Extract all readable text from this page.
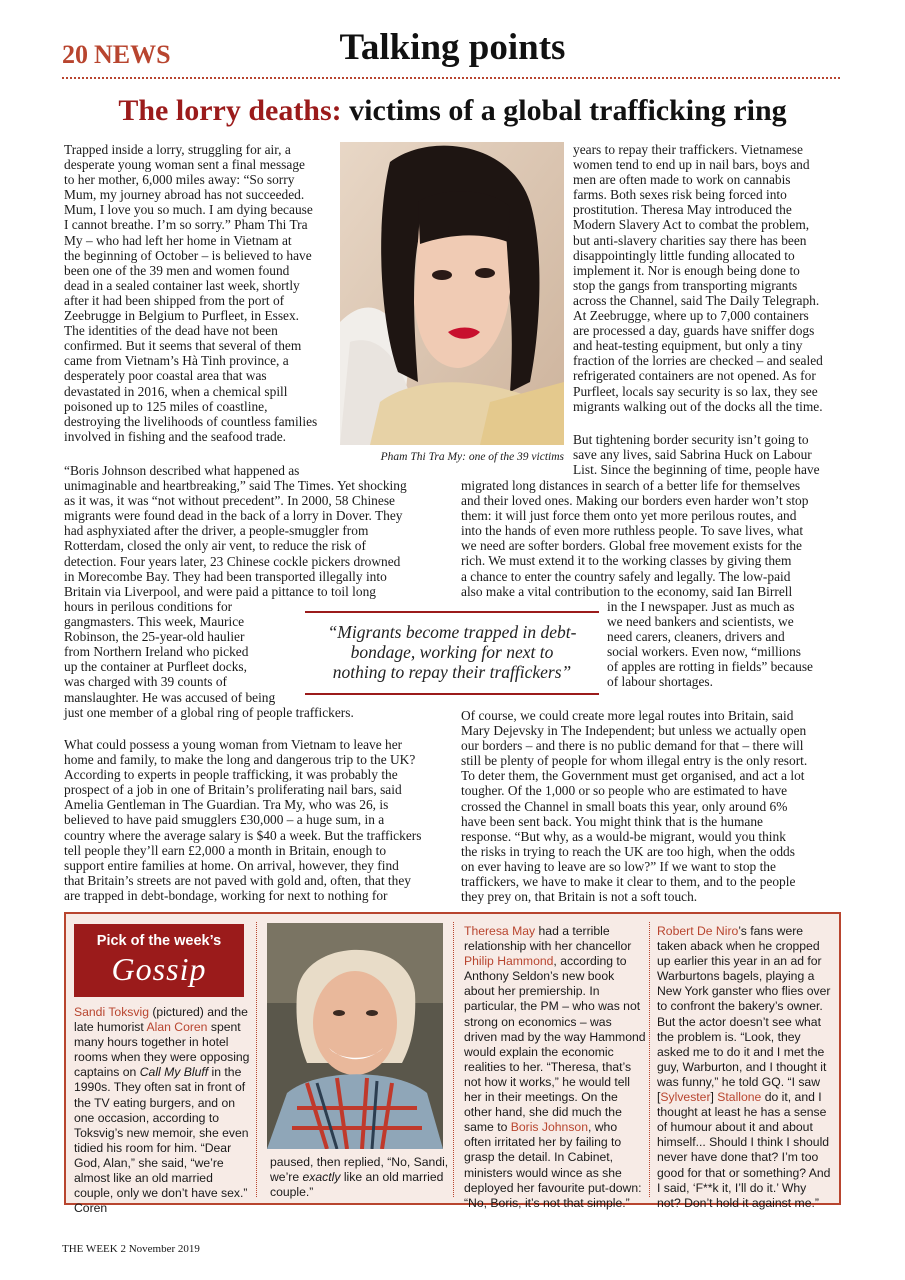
20 NEWS	Talking points
The lorry deaths: victims of a global trafficking ring

Trapped inside a lorry, struggling for air, a

desperate young woman sent a final message

to her mother, 6,000 miles away: “So sorry

Mum, my journey abroad has not succeeded.

Mum, I love you so much. I am dying because

I cannot breathe. I’m so sorry.” Pham Thi Tra

My – who had left her home in Vietnam at

the beginning of October – is believed to have

been one of the 39 men and women found

dead in a sealed container last week, shortly

after it had been shipped from the port of

Zeebrugge in Belgium to Purfleet, in Essex.

The identities of the dead have not been

confirmed. But it seems that several of them

came from Vietnam’s Hà Tinh province, a

desperately poor coastal area that was

devastated in 2016, when a chemical spill

poisoned up to 125 miles of coastline,

destroying the livelihoods of countless families

involved in fishing and the seafood trade.

Pham Thi Tra My: one of the 39 victims

“Boris Johnson described what happened as

unimaginable and heartbreaking,” said The Times. Yet shocking

as it was, it was “not without precedent”. In 2000, 58 Chinese

migrants were found dead in the back of a lorry in Dover. They

had asphyxiated after the driver, a people-smuggler from

Rotterdam, closed the only air vent, to reduce the risk of

detection. Four years later, 23 Chinese cockle pickers drowned

in Morecombe Bay. They had been transported illegally into

Britain via Liverpool, and were paid a pittance to toil long

hours in perilous conditions for

gangmasters. This week, Maurice

Robinson, the 25-year-old haulier

from Northern Ireland who picked

up the container at Purfleet docks,

was charged with 39 counts of

manslaughter. He was accused of being

just one member of a global ring of people traffickers.

What could possess a young woman from Vietnam to leave her

home and family, to make the long and dangerous trip to the UK?

According to experts in people trafficking, it was probably the

prospect of a job in one of Britain’s proliferating nail bars, said

Amelia Gentleman in The Guardian. Tra My, who was 26, is

believed to have paid smugglers £30,000 – a huge sum, in a

country where the average salary is $40 a week. But the traffickers

tell people they’ll earn £2,000 a month in Britain, enough to

support entire families at home. On arrival, however, they find

that Britain’s streets are not paved with gold and, often, that they

are trapped in debt-bondage, working for next to nothing for

years to repay their traffickers. Vietnamese

women tend to end up in nail bars, boys and

men are often made to work on cannabis

farms. Both sexes risk being forced into

prostitution. Theresa May introduced the

Modern Slavery Act to combat the problem,

but anti-slavery charities say there has been

disappointingly little funding allocated to

implement it. Nor is enough being done to

stop the gangs from transporting migrants

across the Channel, said The Daily Telegraph.

At Zeebrugge, where up to 7,000 containers

are processed a day, guards have sniffer dogs

and heat-testing equipment, but only a tiny

fraction of the lorries are checked – and sealed

refrigerated containers are not opened. As for

Purfleet, locals say security is so lax, they see

migrants walking out of the docks all the time.

But tightening border security isn’t going to

save any lives, said Sabrina Huck on Labour

List. Since the beginning of time, people have

migrated long distances in search of a better life for themselves

and their loved ones. Making our borders even harder won’t stop

them: it will just force them onto yet more perilous routes, and

into the hands of even more ruthless people. To save lives, what

we need are softer borders. Global free movement exists for the

rich. We must extend it to the working classes by giving them

a chance to enter the country safely and legally. The low-paid

also make a vital contribution to the economy, said Ian Birrell

in the I newspaper. Just as much as

we need bankers and scientists, we

need carers, cleaners, drivers and

social workers. Even now, “millions

of apples are rotting in fields” because

of labour shortages.

“Migrants become trapped in debt-
bondage, working for next to
nothing to repay their traffickers”

Of course, we could create more legal routes into Britain, said

Mary Dejevsky in The Independent; but unless we actually open

our borders – and there is no public demand for that – there will

still be plenty of people for whom illegal entry is the only resort.

To deter them, the Government must get organised, and act a lot

tougher. Of the 1,000 or so people who are estimated to have

crossed the Channel in small boats this year, only around 6%

have been sent back. You might think that is the humane

response. “But why, as a would-be migrant, would you think

the risks in trying to reach the UK are too high, when the odds

on ever having to leave are so low?” If we want to stop the

traffickers, we have to make it clear to them, and to the people

they prey on, that Britain is not a soft touch.

Pick of the week’s
Gossip

Sandi Toksvig (pictured) and the late humorist Alan Coren spent many hours together in hotel rooms when they were opposing captains on Call My Bluff in the 1990s. They often sat in front of the TV eating burgers, and on one occasion, according to Toksvig’s new memoir, she even tidied his room for him. “Dear God, Alan,” she said, “we’re almost like an old married couple, only we don’t have sex.” Coren

paused, then replied, “No, Sandi, we’re exactly like an old married couple.”

Theresa May had a terrible relationship with her chancellor Philip Hammond, according to Anthony Seldon’s new book about her premiership. In particular, the PM – who was not strong on economics – was driven mad by the way Hammond would explain the economic realities to her. “Theresa, that’s not how it works,” he would tell her in their meetings. On the other hand, she did much the same to Boris Johnson, who often irritated her by failing to grasp the detail. In Cabinet, ministers would wince as she deployed her favourite put-down: “No, Boris, it’s not that simple.”

Robert De Niro’s fans were taken aback when he cropped up earlier this year in an ad for Warburtons bagels, playing a New York ganster who flies over to confront the bakery’s owner. But the actor doesn’t see what the problem is. “Look, they asked me to do it and I met the guy, Warburton, and I thought it was funny,” he told GQ. “I saw [Sylvester] Stallone do it, and I thought at least he has a sense of humour about it and about himself... Should I think I should never have done that? I’m too good for that or something? And I said, ‘F**k it, I’ll do it.’ Why not? Don’t hold it against me.”

THE WEEK 2 November 2019
